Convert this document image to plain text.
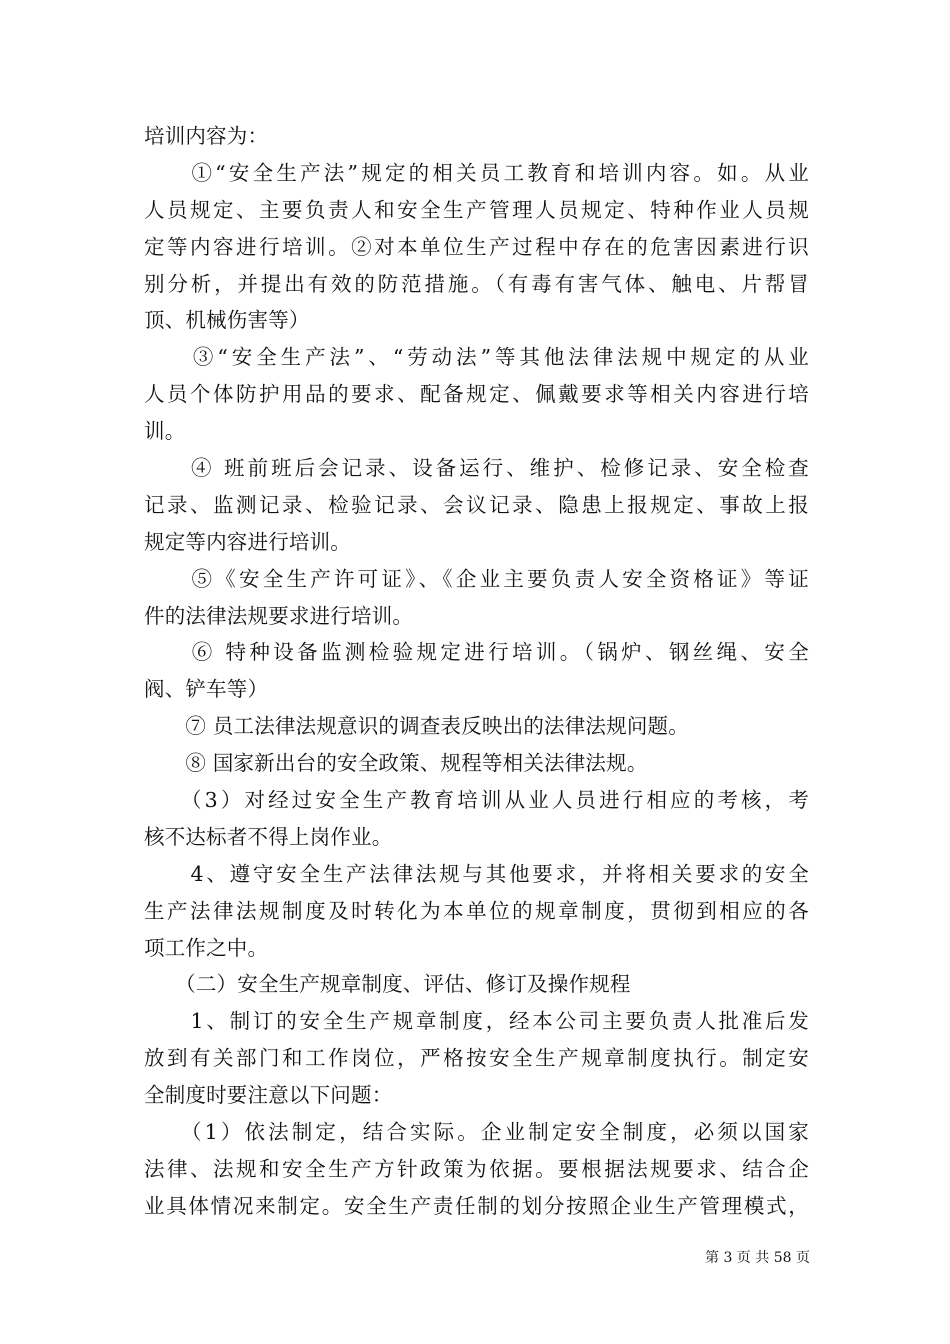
培训内容为：
　　①“安全生产法”规定的相关员工教育和培训内容。如。从业
人员规定、主要负责人和安全生产管理人员规定、特种作业人员规
定等内容进行培训。②对本单位生产过程中存在的危害因素进行识
别分析，并提出有效的防范措施。（有毒有害气体、触电、片帮冒
顶、机械伤害等）
　　③“安全生产法”、“劳动法”等其他法律法规中规定的从业
人员个体防护用品的要求、配备规定、佩戴要求等相关内容进行培
训。
　　④ 班前班后会记录、设备运行、维护、检修记录、安全检查
记录、监测记录、检验记录、会议记录、隐患上报规定、事故上报
规定等内容进行培训。
　　⑤《安全生产许可证》、《企业主要负责人安全资格证》等证
件的法律法规要求进行培训。
　　⑥ 特种设备监测检验规定进行培训。（锅炉、钢丝绳、安全
阀、铲车等）
　　⑦ 员工法律法规意识的调查表反映出的法律法规问题。
　　⑧ 国家新出台的安全政策、规程等相关法律法规。
　　（3）对经过安全生产教育培训从业人员进行相应的考核，考
核不达标者不得上岗作业。
　　4、遵守安全生产法律法规与其他要求，并将相关要求的安全
生产法律法规制度及时转化为本单位的规章制度，贯彻到相应的各
项工作之中。
　　（二）安全生产规章制度、评估、修订及操作规程
　　1、制订的安全生产规章制度，经本公司主要负责人批准后发
放到有关部门和工作岗位，严格按安全生产规章制度执行。制定安
全制度时要注意以下问题：
　　（1）依法制定，结合实际。企业制定安全制度，必须以国家
法律、法规和安全生产方针政策为依据。要根据法规要求、结合企
业具体情况来制定。安全生产责任制的划分按照企业生产管理模式，
第 3 页 共 58 页
